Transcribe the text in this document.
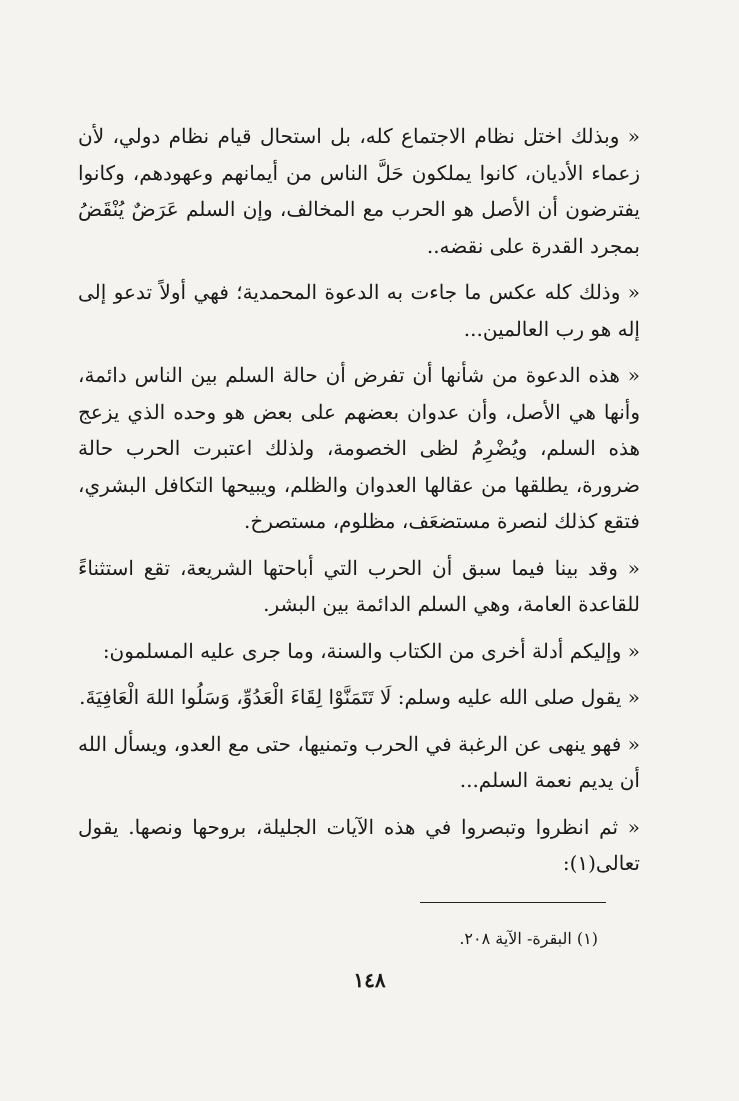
« وبذلك اختل نظام الاجتماع كله، بل استحال قيام نظام دولي، لأن زعماء الأديان، كانوا يملكون حَلَّ الناس من أيمانهم وعهودهم، وكانوا يفترضون أن الأصل هو الحرب مع المخالف، وإن السلم عَرَضٌ يُنْقَضُ بمجرد القدرة على نقضه..

« وذلك كله عكس ما جاءت به الدعوة المحمدية؛ فهي أولاً تدعو إلى إله هو رب العالمين...

« هذه الدعوة من شأنها أن تفرض أن حالة السلم بين الناس دائمة، وأنها هي الأصل، وأن عدوان بعضهم على بعض هو وحده الذي يزعج هذه السلم، ويُضْرِمُ لظى الخصومة، ولذلك اعتبرت الحرب حالة ضرورة، يطلقها من عقالها العدوان والظلم، ويبيحها التكافل البشري، فتقع كذلك لنصرة مستضعَف، مظلوم، مستصرخ.

« وقد بينا فيما سبق أن الحرب التي أباحتها الشريعة، تقع استثناءً للقاعدة العامة، وهي السلم الدائمة بين البشر.

« وإليكم أدلة أخرى من الكتاب والسنة، وما جرى عليه المسلمون:

« يقول صلى الله عليه وسلم: لَا تَتَمَنَّوْا لِقَاءَ الْعَدُوِّ، وَسَلُوا اللهَ الْعَافِيَةَ.

« فهو ينهى عن الرغبة في الحرب وتمنيها، حتى مع العدو، ويسأل الله أن يديم نعمة السلم...

« ثم انظروا وتبصروا في هذه الآيات الجليلة، بروحها ونصها. يقول تعالى(١):

(١) البقرة- الآية ٢٠٨.
١٤٨
